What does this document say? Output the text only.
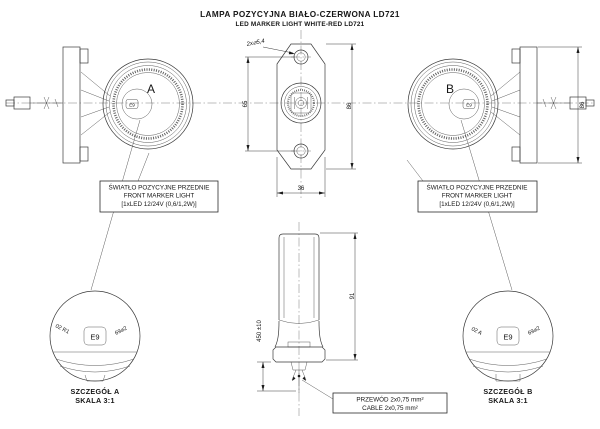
LAMPA POZYCYJNA BIAŁO-CZERWONA LD721
LED MARKER LIGHT WHITE-RED LD721
E9
A
2x⌀5,4
65	86
36
E9
B
86
ŚWIATŁO POZYCYJNE PRZEDNIE
FRONT MARKER LIGHT
[1xLED 12/24V (0,6/1,2W)]
ŚWIATŁO POZYCYJNE PRZEDNIE
FRONT MARKER LIGHT
[1xLED 12/24V (0,6/1,2W)]
91
450 ±10
PRZEWÓD 2x0,75 mm²
CABLE 2x0,75 mm²
02 R1
E9
69⌀2
SZCZEGÓŁ A
SKALA 3:1
02 A
E9
69⌀2
SZCZEGÓŁ B
SKALA 3:1
